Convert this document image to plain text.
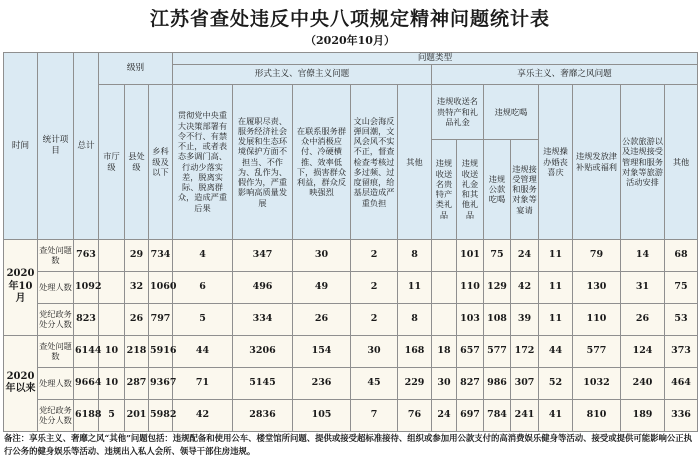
江苏省查处违反中央八项规定精神问题统计表
（2020年10月）
时间	统计项目	总计	级别			问题类型												
						形式主义、官僚主义问题					享乐主义、奢靡之风问题							
			市厅级	县处级	乡科级及以下	贯彻党中央重大决策部署有令不行、有禁不止，或者表态多调门高、行动少落实差，脱离实际、脱离群众，造成严重后果	在履职尽责、服务经济社会发展和生态环境保护方面不担当、不作为、乱作为、假作为，严重影响高质量发展	在联系服务群众中消极应付、冷硬横推、效率低下，损害群众利益，群众反映强烈	文山会海反弹回潮，文风会风不实不正，督查检查考核过多过频、过度留痕，给基层造成严重负担	其他	违规收送名贵特产和礼品礼金		违规吃喝		违规操办婚丧喜庆	违规发放津补贴或福利	公款旅游以及违规接受管理和服务对象等旅游活动安排	其他
											违规收送名贵特产类礼品	违规收送礼金和其他礼品	违规公款吃喝	违规接受管理和服务对象等宴请				
2020年10月	查处问题数	763		29	734	4	347	30	2	8		101	75	24	11	79	14	68
	处理人数	1092		32	1060	6	496	49	2	11		110	129	42	11	130	31	75
	党纪政务处分人数	823		26	797	5	334	26	2	8		103	108	39	11	110	26	53
2020年以来	查处问题数	6144	10	218	5916	44	3206	154	30	168	18	657	577	172	44	577	124	373
	处理人数	9664	10	287	9367	71	5145	236	45	229	30	827	986	307	52	1032	240	464
	党纪政务处分人数	6188	5	201	5982	42	2836	105	7	76	24	697	784	241	41	810	189	336
备注：享乐主义、奢靡之风“其他”问题包括：违规配备和使用公车、楼堂馆所问题、提供或接受超标准接待、组织或参加用公款支付的高消费娱乐健身等活动、接受或提供可能影响公正执行公务的健身娱乐等活动、违规出入私人会所、领导干部住房违规。
